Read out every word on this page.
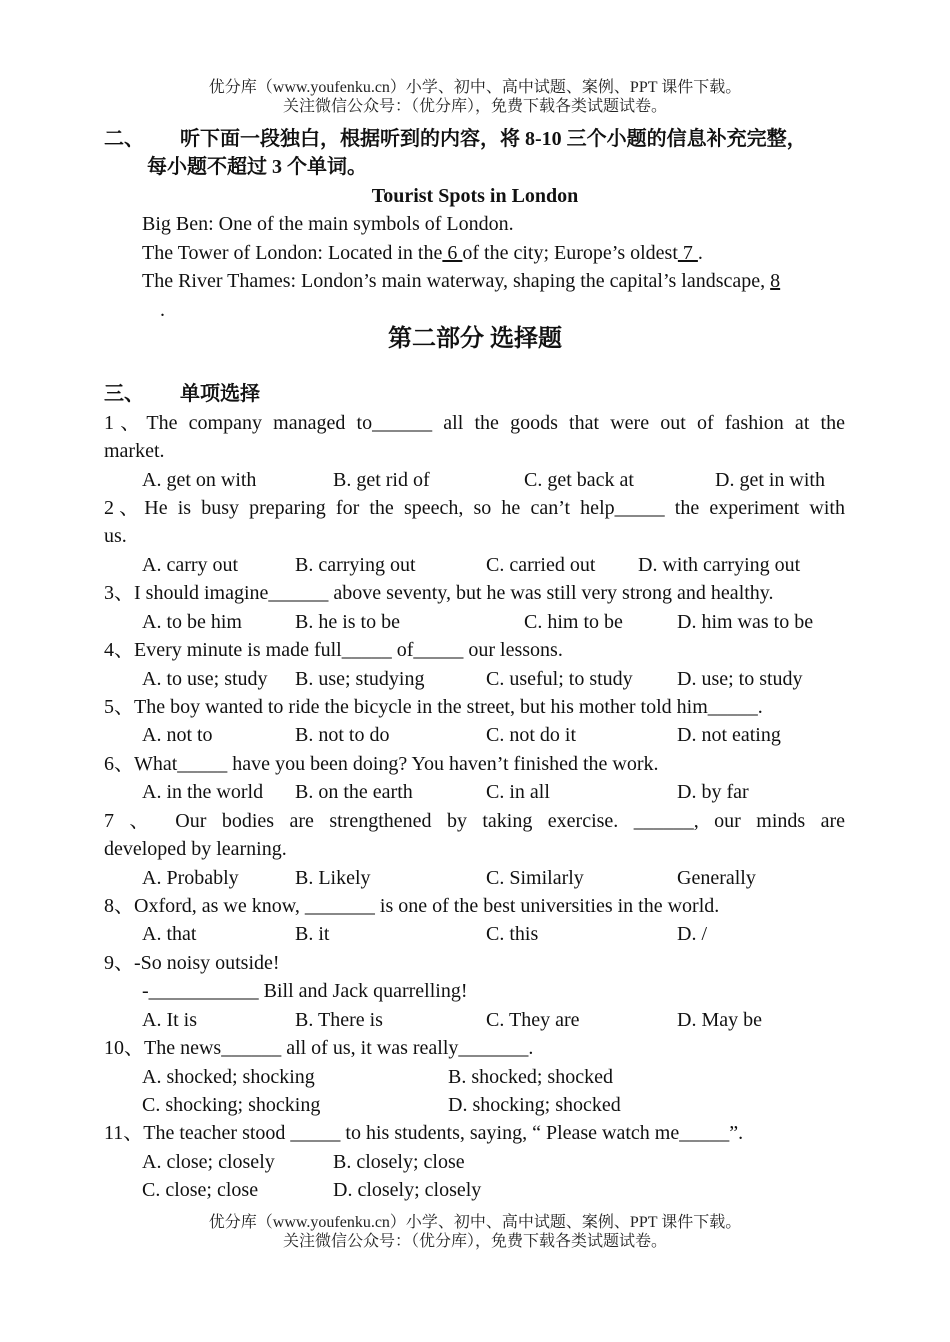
优分库（www.youfenku.cn）小学、初中、高中试题、案例、PPT 课件下载。
关注微信公众号：（优分库），免费下载各类试题试卷。
二、 听下面一段独白，根据听到的内容，将 8-10 三个小题的信息补充完整，
每小题不超过 3 个单词。
Tourist Spots in London
Big Ben: One of the main symbols of London.
The Tower of London: Located in the 6 of the city; Europe’s oldest 7 .
The River Thames: London’s main waterway, shaping the capital’s landscape, 8
.
第二部分 选择题
三、 单项选择
1、The company managed to______ all the goods that were out of fashion at the
market.
A. get on with	B. get rid of	C. get back at	D. get in with
2、He is busy preparing for the speech, so he can’t help_____ the experiment with
us.
A. carry out	B. carrying out	C. carried out D. with carrying out
3、I should imagine______ above seventy, but he was still very strong and healthy.
A. to be him	B. he is to be	C. him to be	D. him was to be
4、Every minute is made full_____ of_____ our lessons.
A. to use; study B. use; studying	C. useful; to study D. use; to study
5、The boy wanted to ride the bicycle in the street, but his mother told him_____.
A. not to	B. not to do	C. not do it	D. not eating
6、What_____ have you been doing? You haven’t finished the work.
A. in the world B. on the earth	C. in all	D. by far
7 、 Our bodies are strengthened by taking exercise. ______, our minds are
developed by learning.
A. Probably	B. Likely	C. Similarly	Generally
8、Oxford, as we know, _______ is one of the best universities in the world.
A. that	B. it	C. this	D. /
9、-So noisy outside!
-___________ Bill and Jack quarrelling!
A. It is	B. There is	C. They are	D. May be
10、The news______ all of us, it was really_______.
A. shocked; shocking	B. shocked; shocked
C. shocking; shocking	D. shocking; shocked
11、The teacher stood _____ to his students, saying, “ Please watch me_____”.
A. close; closely	B. closely; close
C. close; close	D. closely; closely
优分库（www.youfenku.cn）小学、初中、高中试题、案例、PPT 课件下载。
关注微信公众号：（优分库），免费下载各类试题试卷。
